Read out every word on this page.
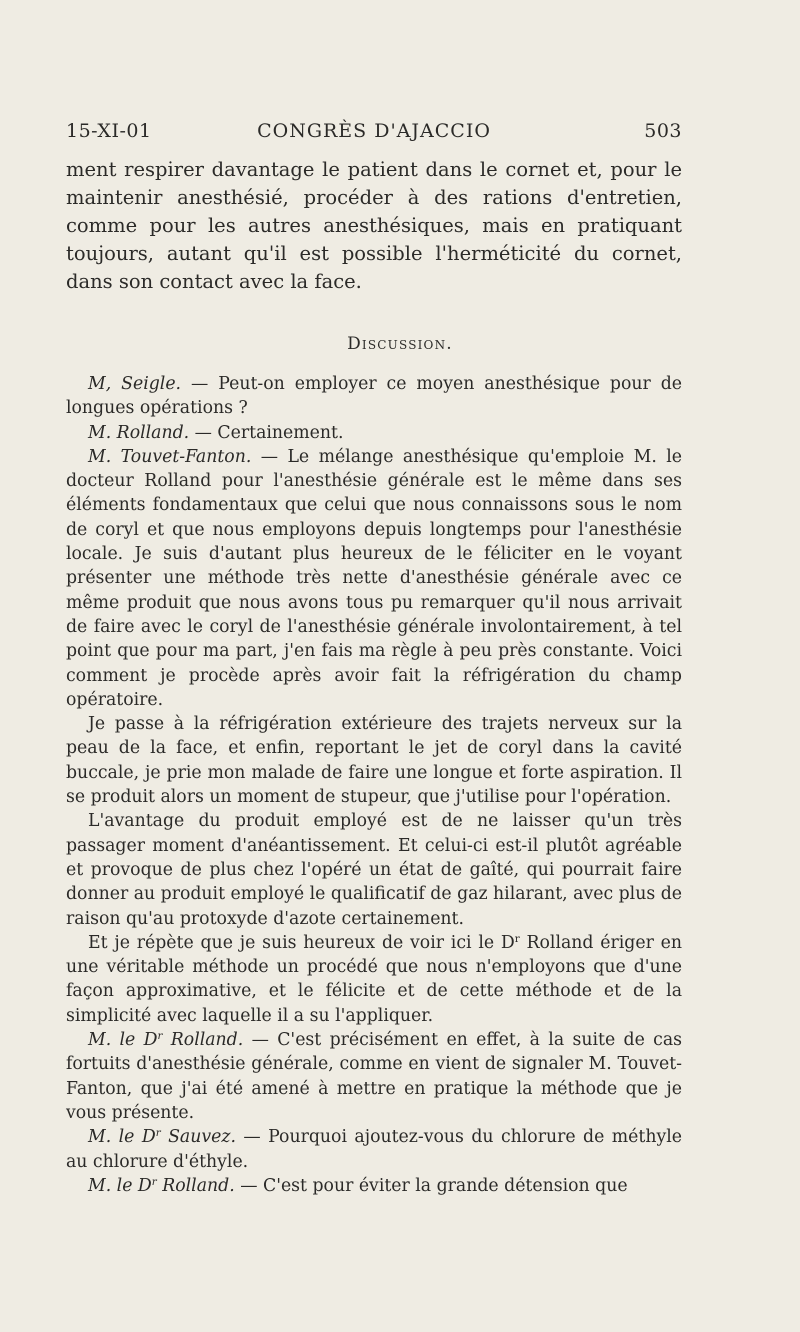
15-XI-01	CONGRÈS D'AJACCIO	503
ment respirer davantage le patient dans le cornet et, pour le maintenir anesthésié, procéder à des rations d'entretien, comme pour les autres anesthésiques, mais en pratiquant toujours, autant qu'il est possible l'herméticité du cornet, dans son contact avec la face.
Discussion.

M, Seigle. — Peut-on employer ce moyen anesthésique pour de longues opérations ?

M. Rolland. — Certainement.

M. Touvet-Fanton. — Le mélange anesthésique qu'emploie M. le docteur Rolland pour l'anesthésie générale est le même dans ses éléments fondamentaux que celui que nous connaissons sous le nom de coryl et que nous employons depuis longtemps pour l'anesthésie locale. Je suis d'autant plus heureux de le féliciter en le voyant présenter une méthode très nette d'anesthésie générale avec ce même produit que nous avons tous pu remarquer qu'il nous arrivait de faire avec le coryl de l'anesthésie générale involontairement, à tel point que pour ma part, j'en fais ma règle à peu près constante. Voici comment je procède après avoir fait la réfrigération du champ opératoire.

Je passe à la réfrigération extérieure des trajets nerveux sur la peau de la face, et enfin, reportant le jet de coryl dans la cavité buccale, je prie mon malade de faire une longue et forte aspiration. Il se produit alors un moment de stupeur, que j'utilise pour l'opération.

L'avantage du produit employé est de ne laisser qu'un très passager moment d'anéantissement. Et celui-ci est-il plutôt agréable et provoque de plus chez l'opéré un état de gaîté, qui pourrait faire donner au produit employé le qualificatif de gaz hilarant, avec plus de raison qu'au protoxyde d'azote certainement.

Et je répète que je suis heureux de voir ici le $D^r$ Rolland ériger en une véritable méthode un procédé que nous n'employons que d'une façon approximative, et le félicite et de cette méthode et de la simplicité avec laquelle il a su l'appliquer.

M. le $D^r$ Rolland. — C'est précisément en effet, à la suite de cas fortuits d'anesthésie générale, comme en vient de signaler M. Touvet-Fanton, que j'ai été amené à mettre en pratique la méthode que je vous présente.

M. le $D^r$ Sauvez. — Pourquoi ajoutez-vous du chlorure de méthyle au chlorure d'éthyle.

M. le $D^r$ Rolland. — C'est pour éviter la grande détension que
